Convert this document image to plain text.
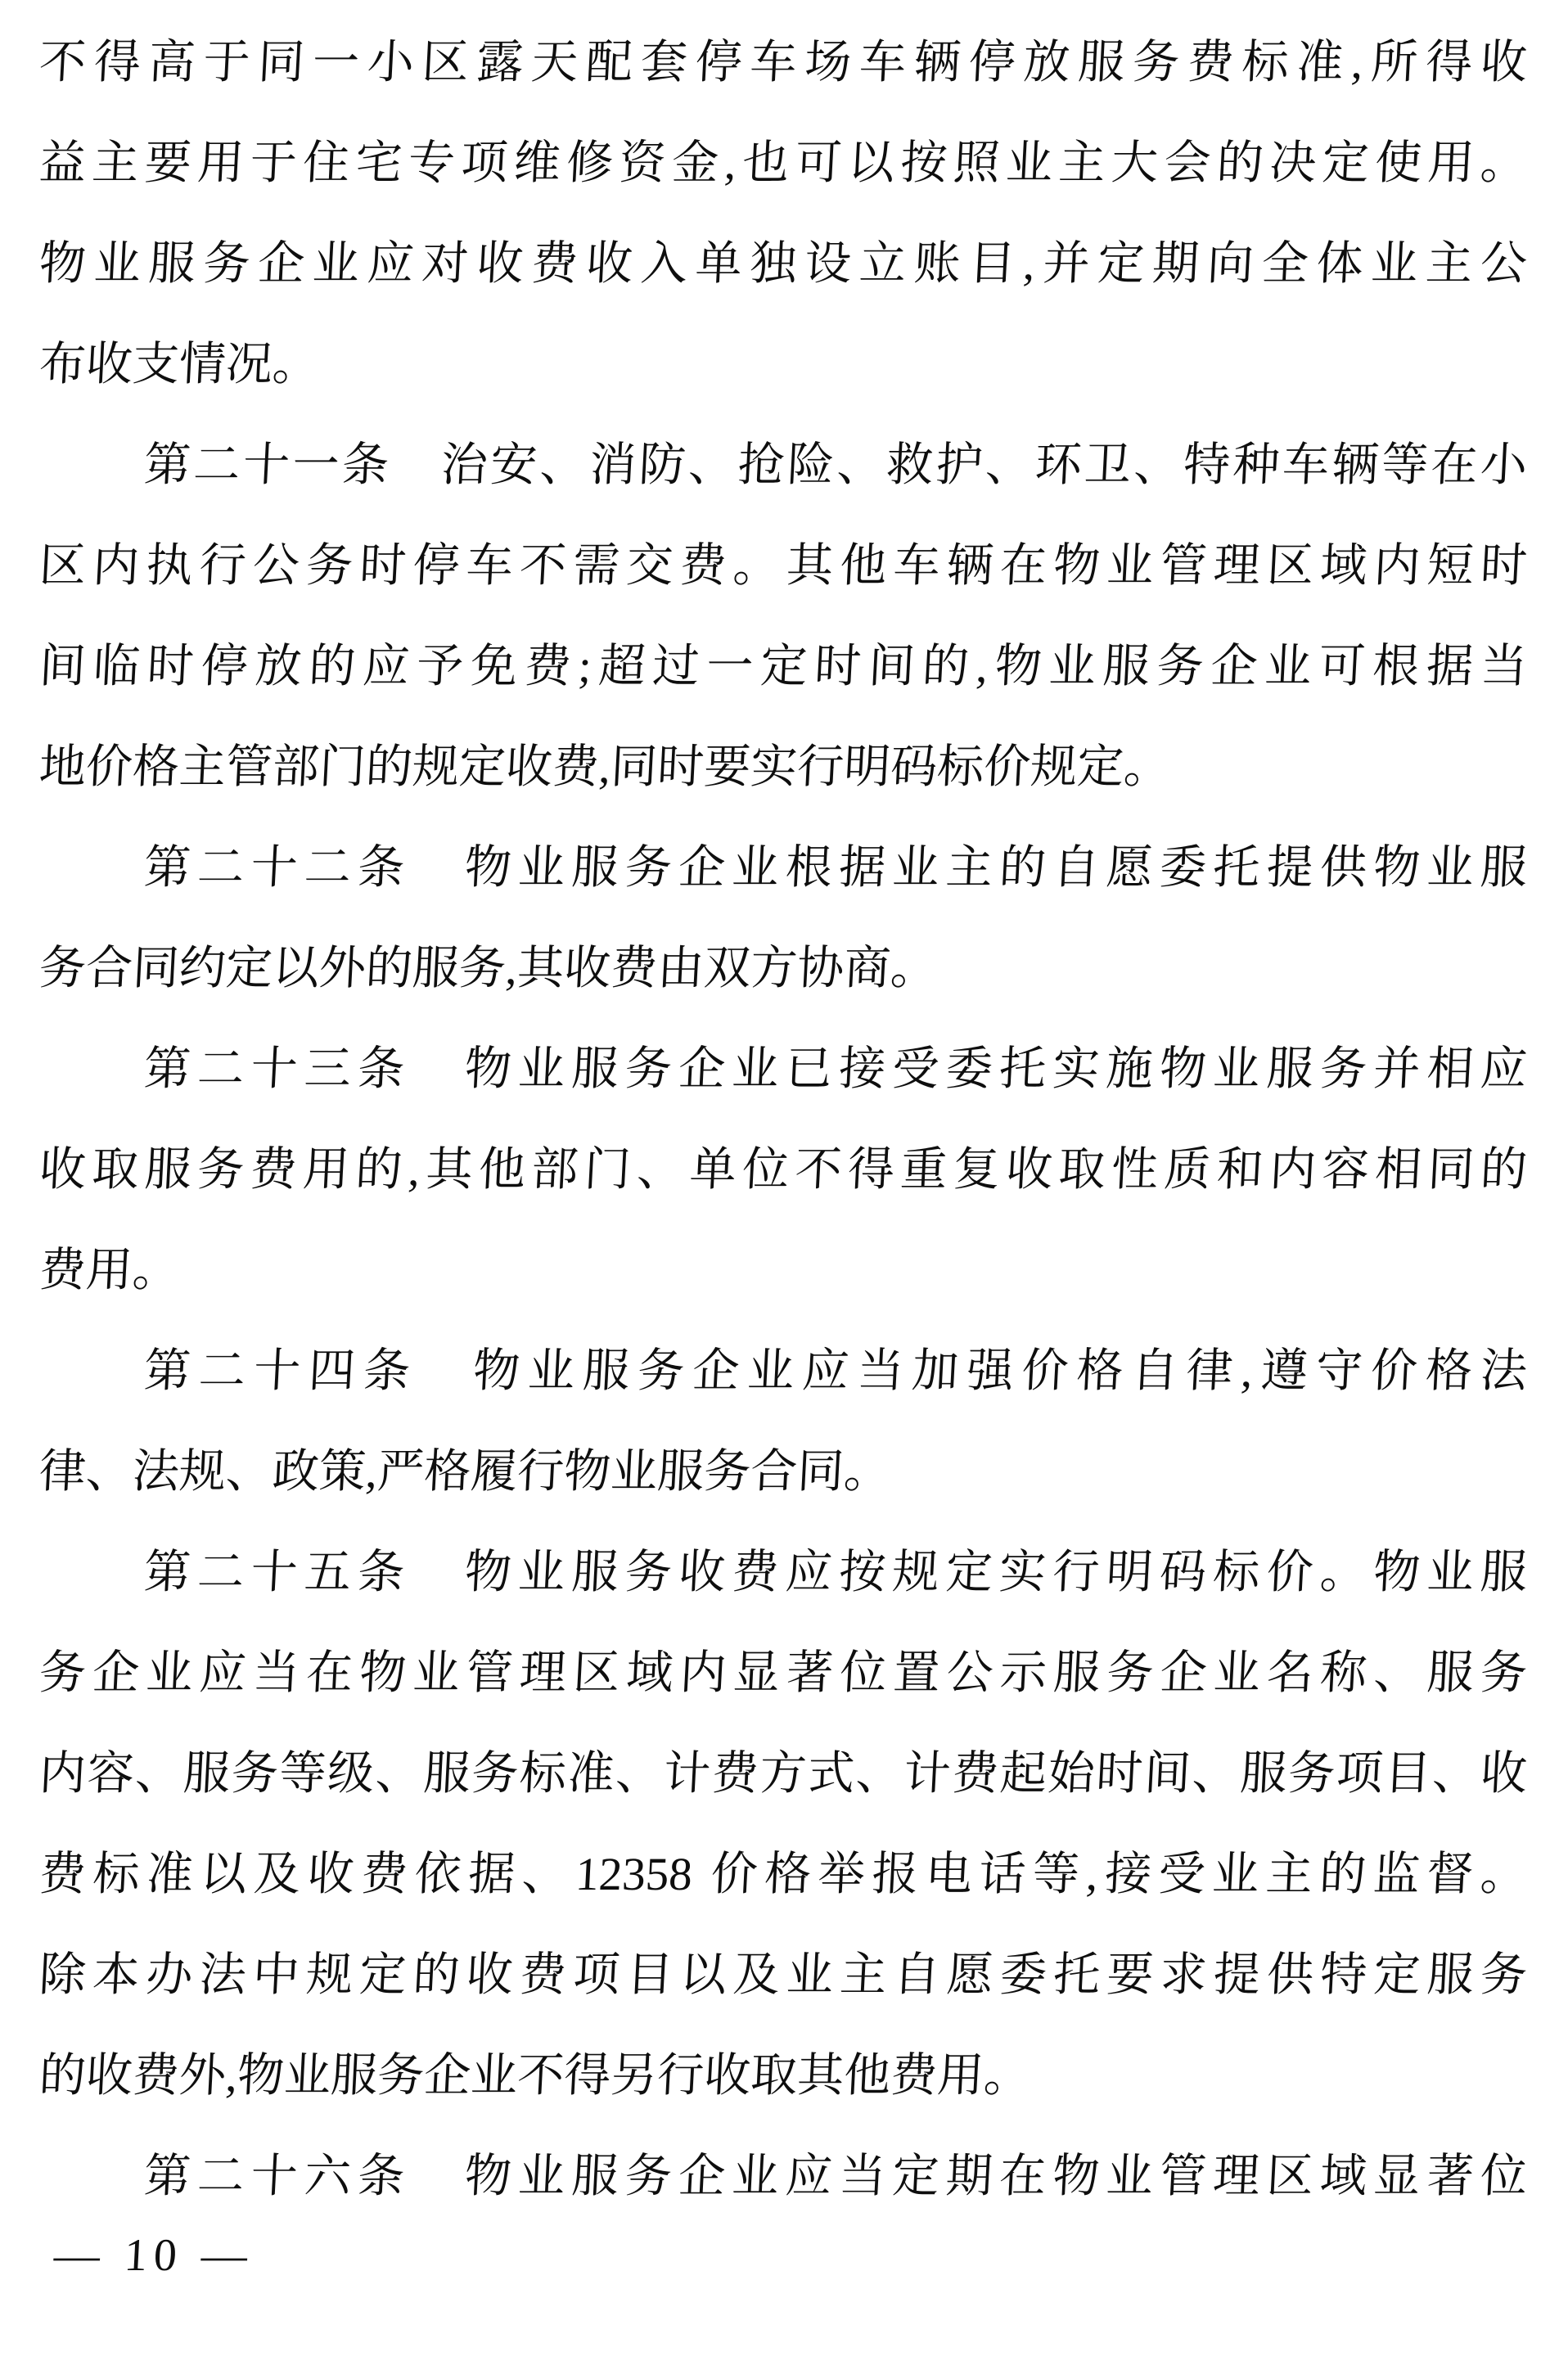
不得高于同一小区露天配套停车场车辆停放服务费标准,所得收
益主要用于住宅专项维修资金,也可以按照业主大会的决定使用。
物业服务企业应对收费收入单独设立账目,并定期向全体业主公
布收支情况。
第二十一条　治安、消防、抢险、救护、环卫、特种车辆等在小
区内执行公务时停车不需交费。其他车辆在物业管理区域内短时
间临时停放的应予免费;超过一定时间的,物业服务企业可根据当
地价格主管部门的规定收费,同时要实行明码标价规定。
第二十二条　物业服务企业根据业主的自愿委托提供物业服
务合同约定以外的服务,其收费由双方协商。
第二十三条　物业服务企业已接受委托实施物业服务并相应
收取服务费用的,其他部门、单位不得重复收取性质和内容相同的
费用。
第二十四条　物业服务企业应当加强价格自律,遵守价格法
律、法规、政策,严格履行物业服务合同。
第二十五条　物业服务收费应按规定实行明码标价。物业服
务企业应当在物业管理区域内显著位置公示服务企业名称、服务
内容、服务等级、服务标准、计费方式、计费起始时间、服务项目、收
费标准以及收费依据、12358 价格举报电话等,接受业主的监督。
除本办法中规定的收费项目以及业主自愿委托要求提供特定服务
的收费外,物业服务企业不得另行收取其他费用。
第二十六条　物业服务企业应当定期在物业管理区域显著位
— 10 —
